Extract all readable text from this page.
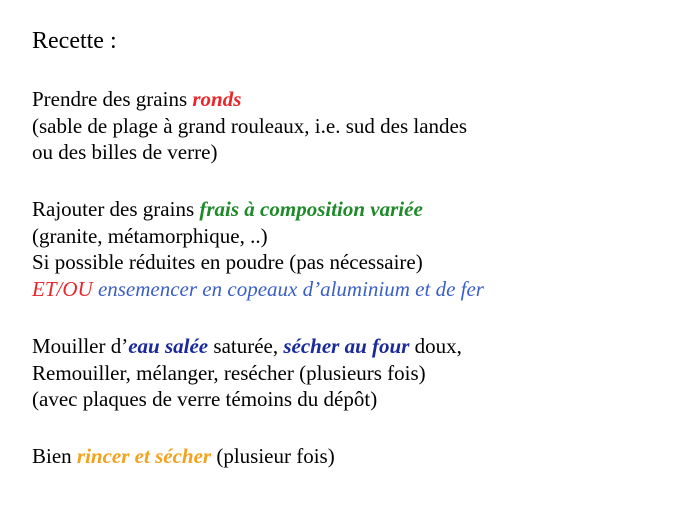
Recette :
Prendre des grains ronds
(sable de plage à grand rouleaux, i.e. sud des landes
ou des billes de verre)
Rajouter des grains frais à composition variée
(granite, métamorphique, ..)
Si possible réduites en poudre (pas nécessaire)
ET/OU ensemencer en copeaux d’aluminium et de fer
Mouiller d’eau salée saturée, sécher au four doux,
Remouiller, mélanger, resécher (plusieurs fois)
(avec plaques de verre témoins du dépôt)
Bien rincer et sécher (plusieur fois)
